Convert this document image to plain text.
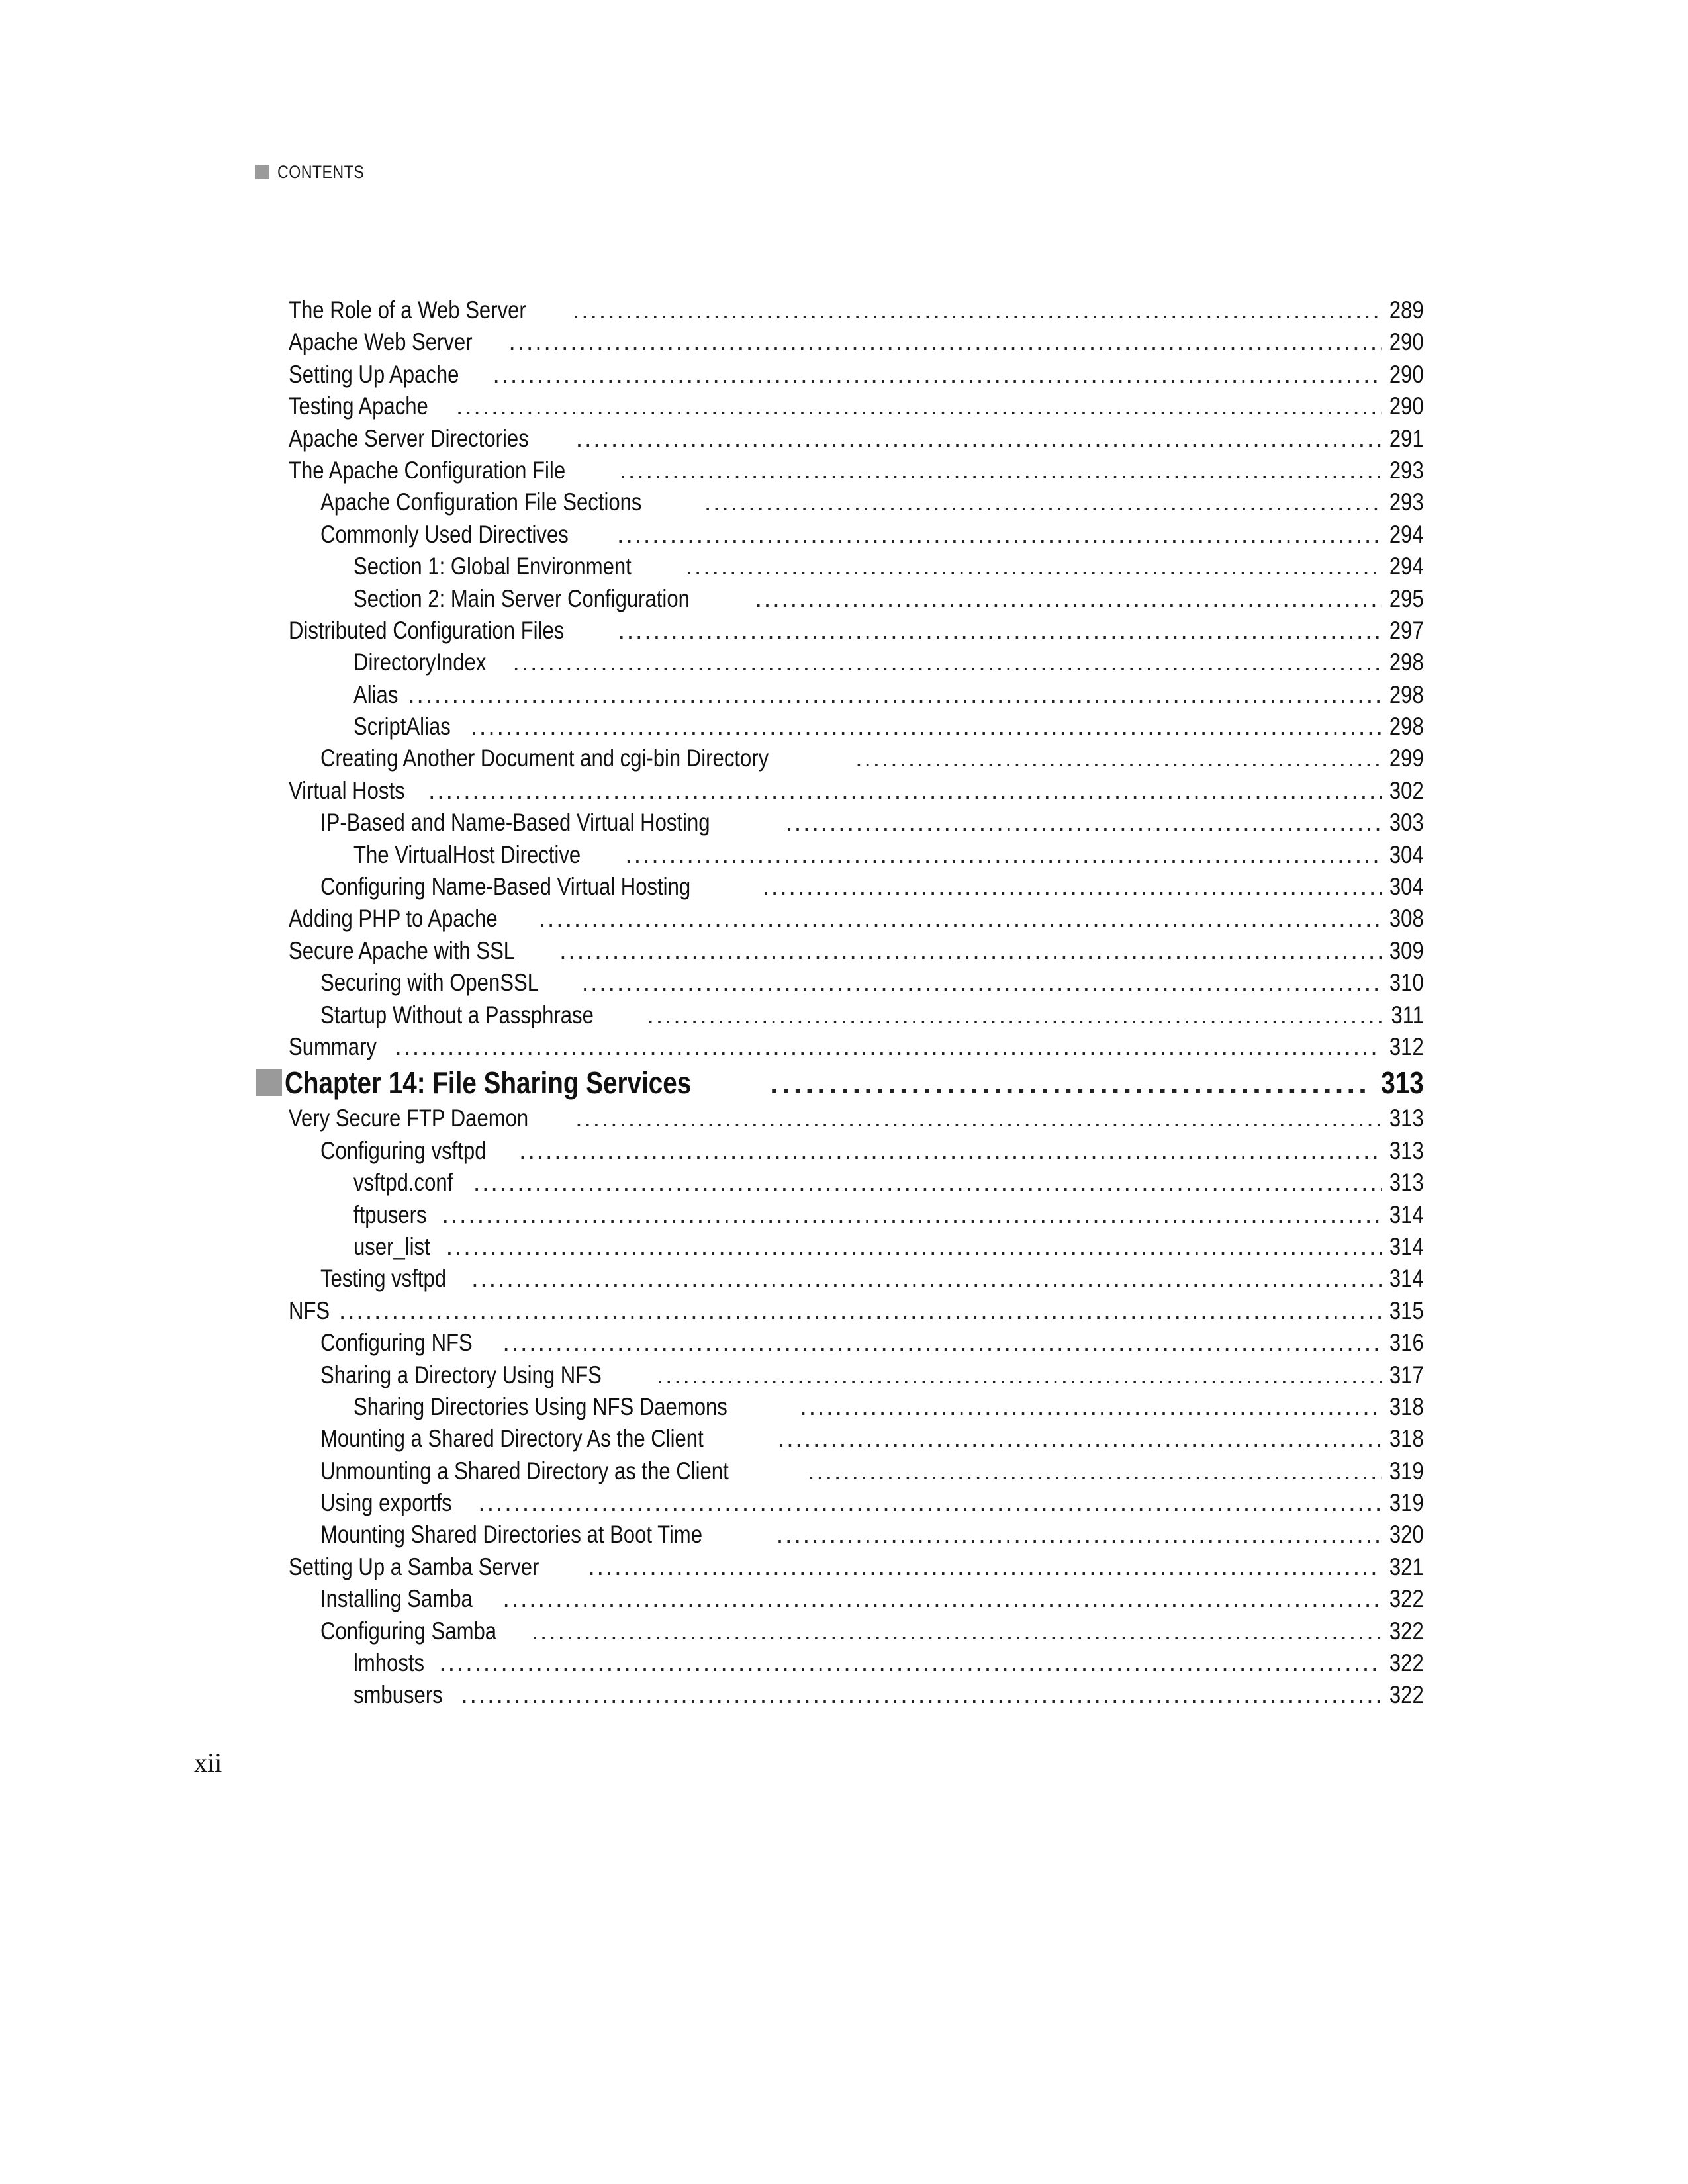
CONTENTS
The Role of a Web Server .....	289
Apache Web Server .....	290
Setting Up Apache .....	290
Testing Apache .....	290
Apache Server Directories .....	291
The Apache Configuration File .....	293
Apache Configuration File Sections .....	293
Commonly Used Directives .....	294
Section 1: Global Environment .....	294
Section 2: Main Server Configuration .....	295
Distributed Configuration Files .....	297
DirectoryIndex .....	298
Alias .....	298
ScriptAlias .....	298
Creating Another Document and cgi-bin Directory .....	299
Virtual Hosts .....	302
IP-Based and Name-Based Virtual Hosting .....	303
The VirtualHost Directive .....	304
Configuring Name-Based Virtual Hosting .....	304
Adding PHP to Apache .....	308
Secure Apache with SSL .....	309
Securing with OpenSSL .....	310
Startup Without a Passphrase .....	311
Summary .....	312
Chapter 14: File Sharing Services .....	313
Very Secure FTP Daemon .....	313
Configuring vsftpd .....	313
vsftpd.conf .....	313
ftpusers .....	314
user_list .....	314
Testing vsftpd .....	314
NFS .....	315
Configuring NFS .....	316
Sharing a Directory Using NFS .....	317
Sharing Directories Using NFS Daemons .....	318
Mounting a Shared Directory As the Client .....	318
Unmounting a Shared Directory as the Client .....	319
Using exportfs .....	319
Mounting Shared Directories at Boot Time .....	320
Setting Up a Samba Server .....	321
Installing Samba .....	322
Configuring Samba .....	322
lmhosts .....	322
smbusers .....	322
xii
